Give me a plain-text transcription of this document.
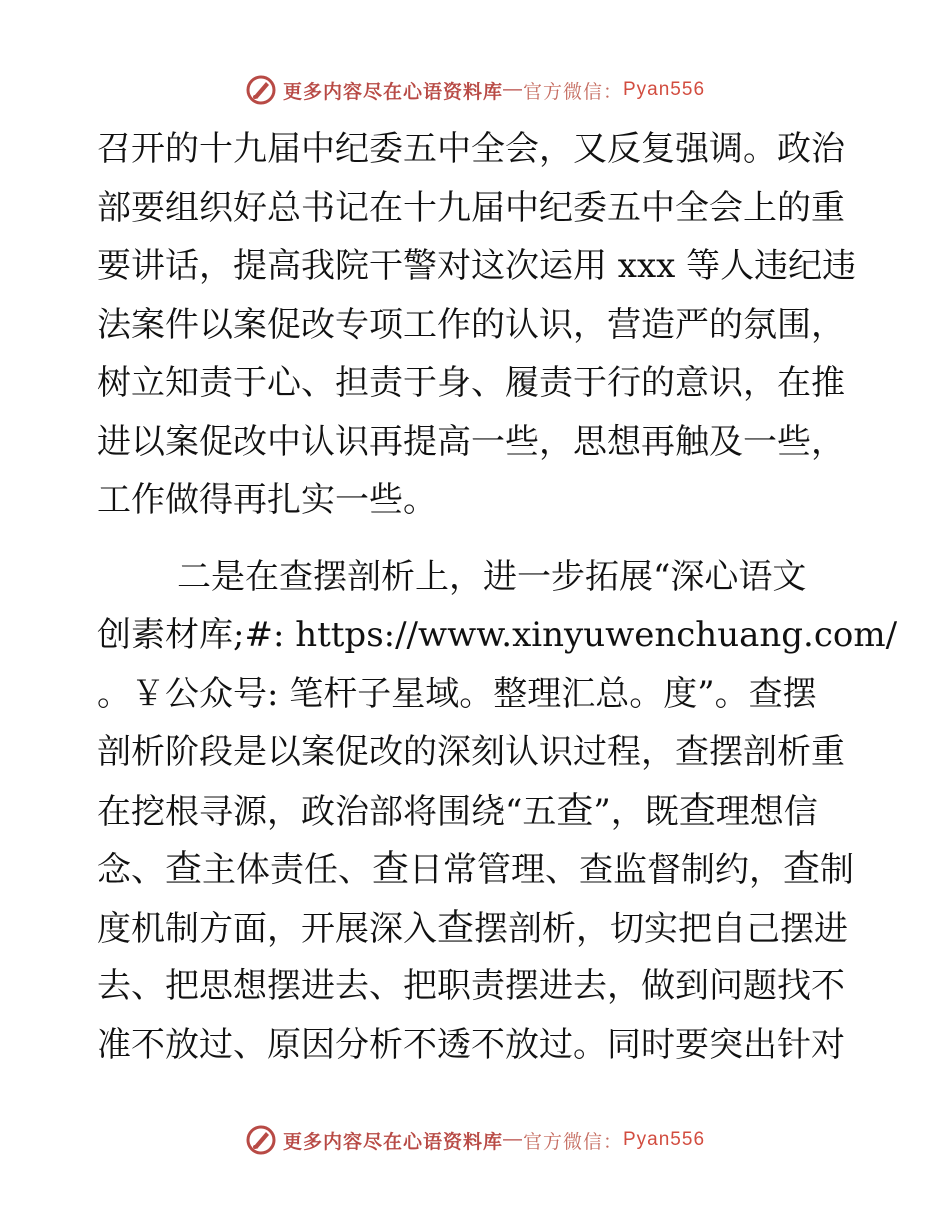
更多内容尽在心语资料库 — 官方微信： Pyan556
召开的十九届中纪委五中全会，又反复强调。政治
部要组织好总书记在十九届中纪委五中全会上的重
要讲话，提高我院干警对这次运用 xxx 等人违纪违
法案件以案促改专项工作的认识，营造严的氛围，
树立知责于心、担责于身、履责于行的意识，在推
进以案促改中认识再提高一些，思想再触及一些，
工作做得再扎实一些。
二是在查摆剖析上，进一步拓展“深心语文
创素材库;#: https://www.xinyuwenchuang.com/
。￥公众号: 笔杆子星域。整理汇总。度”。查摆
剖析阶段是以案促改的深刻认识过程，查摆剖析重
在挖根寻源，政治部将围绕“五查”，既查理想信
念、查主体责任、查日常管理、查监督制约，查制
度机制方面，开展深入查摆剖析，切实把自己摆进
去、把思想摆进去、把职责摆进去，做到问题找不
准不放过、原因分析不透不放过。同时要突出针对
更多内容尽在心语资料库 — 官方微信： Pyan556
